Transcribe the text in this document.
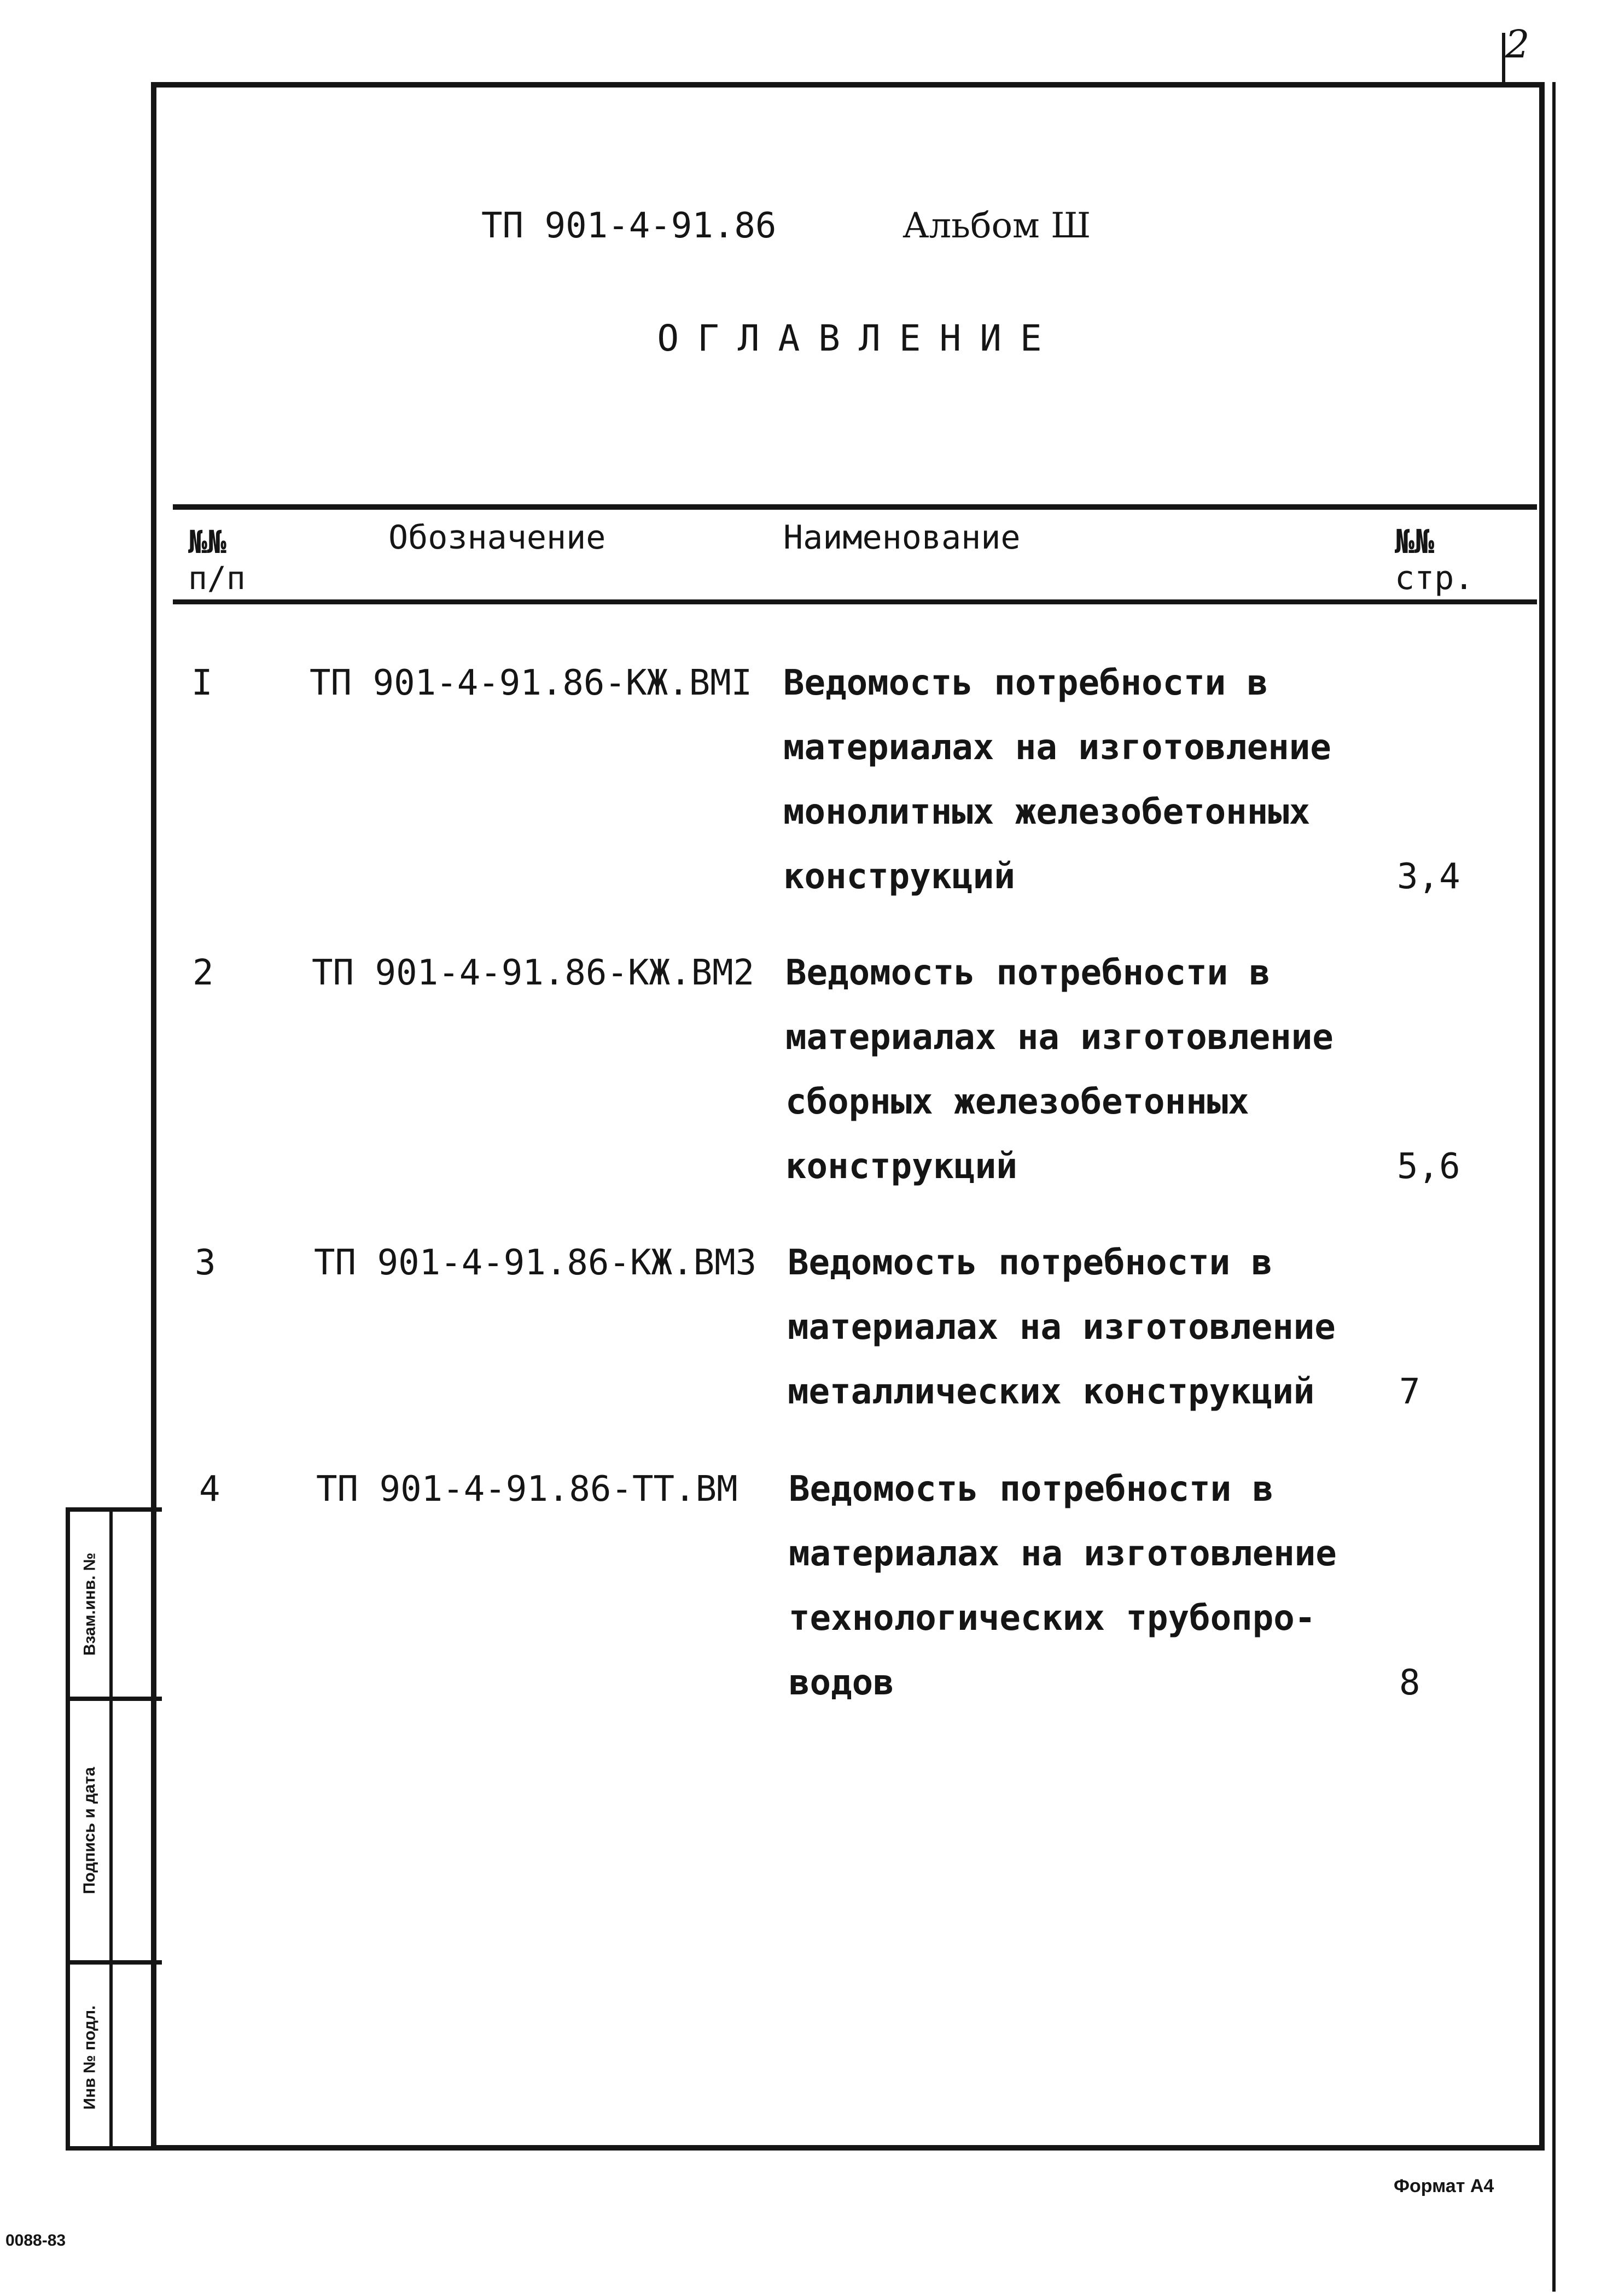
2
ТП 901-4-91.86	Альбом Ш
ОГЛАВЛЕНИЕ
№№
п/п
Обозначение	Наименование	№№
стр.
I	ТП 901-4-91.86-КЖ.ВМI Ведомость потребности в
материалах на изготовление
монолитных железобетонных
конструкций	3,4
2	ТП 901-4-91.86-КЖ.ВМ2 Ведомость потребности в
материалах на изготовление
сборных железобетонных
конструкций	5,6
3	ТП 901-4-91.86-КЖ.ВМ3 Ведомость потребности в
материалах на изготовление
металлических конструкций	7
4	ТП 901-4-91.86-ТТ.ВМ Ведомость потребности в
материалах на изготовление
технологических трубопро-
водов	8
Взам.инв. №
Подпись и дата
Инв № подл.
Формат А4
0088-83
